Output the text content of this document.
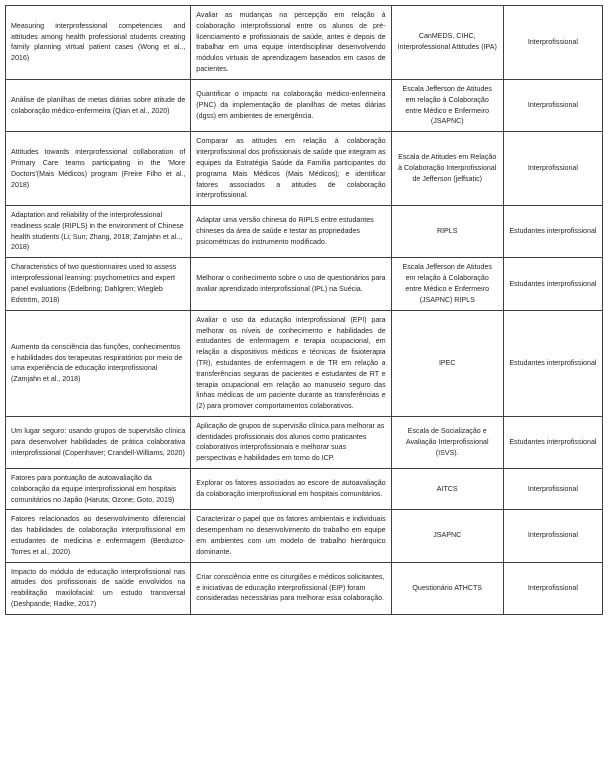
Measuring interprofessional competencies and attitudes among health professional students creating family planning virtual patient cases (Wong et al.., 2016)	Avaliar as mudanças na percepção em relação à colaboração interprofissional entre os alunos de pré-licenciamento e profissionais de saúde, antes e depois de trabalhar em uma equipe interdisciplinar desenvolvendo módulos virtuais de aprendizagem baseados em casos de pacientes.	CanMEDS, CIHC, Interprofessional Attitudes (IPA)	Interprofissional

Análise de planilhas de metas diárias sobre atitude de colaboração médico-enfermeira (Qian et al., 2020)	Quantificar o impacto na colaboração médico-enfermeira (PNC) da implementação de planilhas de metas diárias (dgss) em ambientes de emergência.	Escala Jefferson de Atitudes em relação à Colaboração entre Médico e Enfermeiro (JSAPNC)	Interprofissional

Attitudes towards interprofessional collaboration of Primary Care teams participating in the 'More Doctors'(Mais Médicos) program (Freire Filho et al., 2018)	Comparar as atitudes em relação à colaboração interprofissional dos profissionais de saúde que integram as equipes da Estratégia Saúde da Família participantes do programa Mais Médicos (Mais Médicos); e identificar fatores associados a atitudes de colaboração interprofissional.	Escala de Atitudes em Relação à Colaboração Interprofissional de Jefferson (jeffsatic)	Interprofissional

Adaptation and reliability of the interprofessional readiness scale (RIPLS) in the environment of Chinese health students (Li; Sun; Zhang, 2018; Zamjahn et al.., 2018)	Adaptar uma versão chinesa do RIPLS entre estudantes chineses da área de saúde e testar as propriedades psicométricas do instrumento modificado.	RIPLS	Estudantes interprofissional

Characteristics of two questionnaires used to assess interprofessional learning: psychometrics and expert panel evaluations (Edelbring; Dahlgren; Wiegleb Edström, 2018)	Melhorar o conhecimento sobre o uso de questionários para avaliar aprendizado interprofissional (IPL) na Suécia.	Escala Jefferson de Atitudes em relação à Colaboração entre Médico e Enfermeiro (JSAPNC) RIPLS	Estudantes interprofissional

Aumento da consciência das funções, conhecimentos e habilidades dos terapeutas respiratórios por meio de uma experiência de educação interprofissional (Zamjahn et al., 2018)	Avaliar o uso da educação interprofissional (EPI) para melhorar os níveis de conhecimento e habilidades de estudantes de enfermagem e terapia ocupacional, em relação a dispositivos médicos e técnicas de fisioterapia (TR), estudantes de enfermagem e de TR em relação a transferências seguras de pacientes e estudantes de RT e terapia ocupacional em relação ao manuseio seguro das linhas médicas de um paciente durante as transferências e (2) para promover comportamentos colaborativos.	IPEC	Estudantes interprofissional

Um lugar seguro: usando grupos de supervisão clínica para desenvolver habilidades de prática colaborativa interprofissional (Copenhaver; Crandell-Williams, 2020)	Aplicação de grupos de supervisão clínica para melhorar as identidades profissionais dos alunos como praticantes colaborativos interprofissionais e melhorar suas perspectivas e habilidades em torno do ICP.	Escala de Socialização e Avaliação Interprofissional (ISVS).	Estudantes interprofissional

Fatores para pontuação de autoavaliação da colaboração da equipe interprofissional em hospitais comunitários no Japão (Haruta; Ozone; Goto, 2019)	Explorar os fatores associados ao escore de autoavaliação da colaboração interprofissional em hospitais comunitários.	AITCS	Interprofissional

Fatores relacionados ao desenvolvimento diferencial das habilidades de colaboração interprofissional em estudantes de medicina e enfermagem (Berduzco-Torres et al., 2020)	Caracterizar o papel que os fatores ambientais e individuais desempenham no desenvolvimento do trabalho em equipe em ambientes com um modelo de trabalho hierárquico dominante.	JSAPNC	Interprofissional

Impacto do módulo de educação interprofissional nas atitudes dos profissionais de saúde envolvidos na reabilitação maxilofacial: um estudo transversal (Deshpande; Radke, 2017)	Criar consciência entre os cirurgiões e médicos solicitantes, e iniciativas de educação interprofissional (EIP) foram consideradas necessárias para melhorar essa colaboração.	Questionário ATHCTS	Interprofissional
